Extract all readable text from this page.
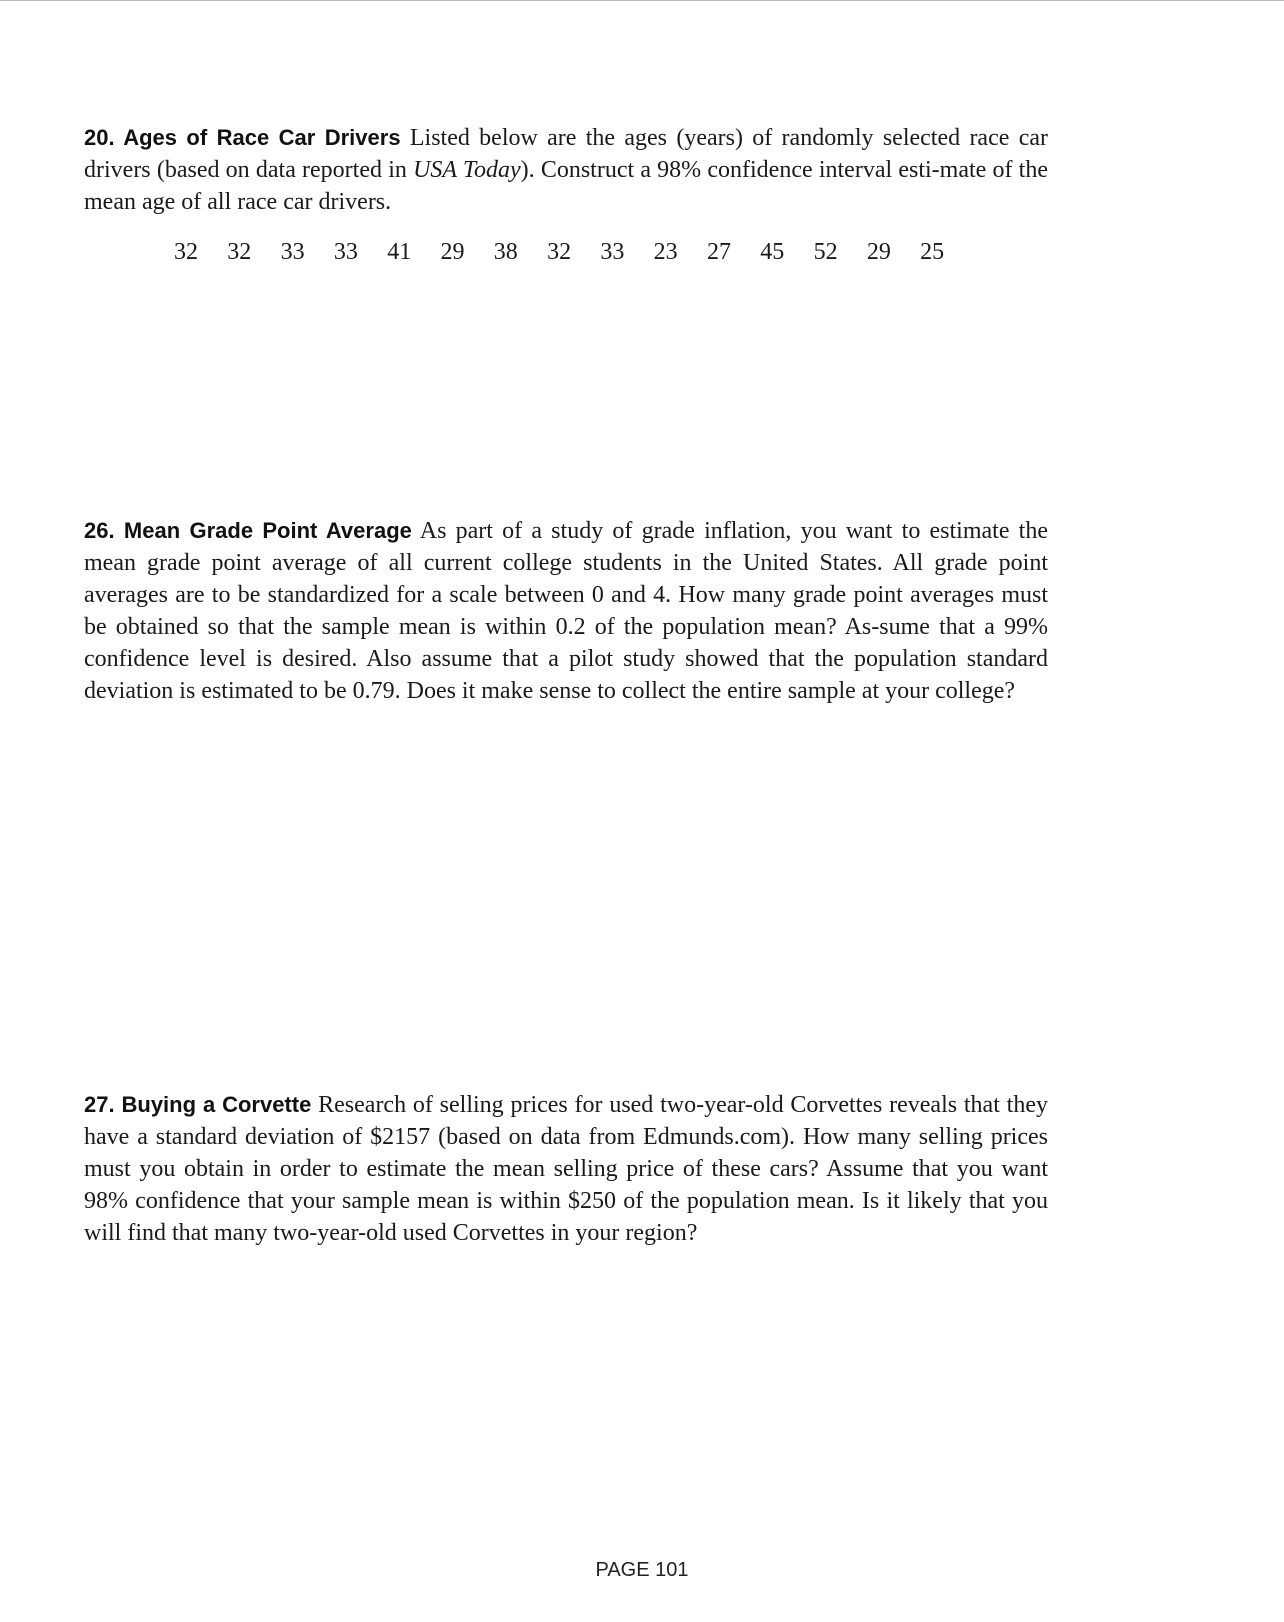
20. Ages of Race Car Drivers Listed below are the ages (years) of randomly selected race car drivers (based on data reported in USA Today). Construct a 98% confidence interval esti-mate of the mean age of all race car drivers.
32	32	33	33	41	29	38	32	33	23	27	45	52	29	25
26. Mean Grade Point Average As part of a study of grade inflation, you want to estimate the mean grade point average of all current college students in the United States. All grade point averages are to be standardized for a scale between 0 and 4. How many grade point averages must be obtained so that the sample mean is within 0.2 of the population mean? As-sume that a 99% confidence level is desired. Also assume that a pilot study showed that the population standard deviation is estimated to be 0.79. Does it make sense to collect the entire sample at your college?
27. Buying a Corvette Research of selling prices for used two-year-old Corvettes reveals that they have a standard deviation of $2157 (based on data from Edmunds.com). How many selling prices must you obtain in order to estimate the mean selling price of these cars? Assume that you want 98% confidence that your sample mean is within $250 of the population mean. Is it likely that you will find that many two-year-old used Corvettes in your region?
PAGE 101
